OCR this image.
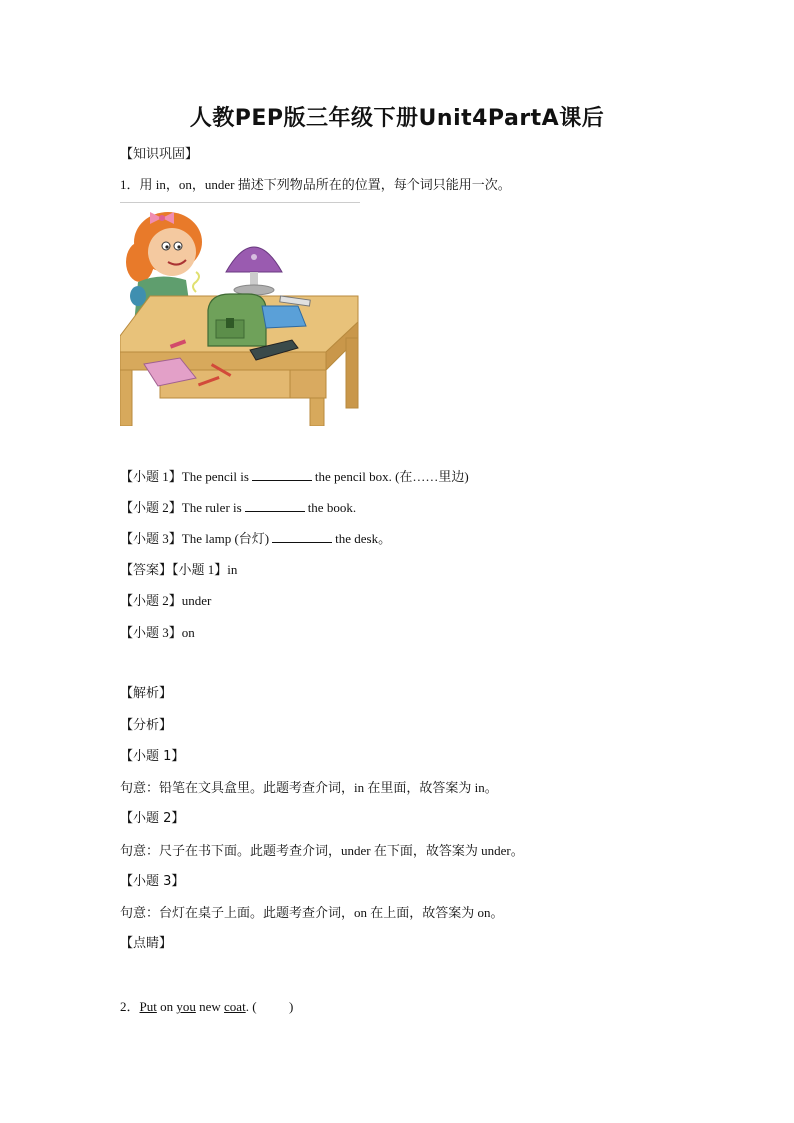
人教PEP版三年级下册Unit4PartA课后
【知识巩固】
1．用 in，on，under 描述下列物品所在的位置，每个词只能用一次。
【小题 1】The pencil is	the pencil box. (在……里边)
【小题 2】The ruler is	the book.
【小题 3】The lamp (台灯)	the desk。
【答案】【小题 1】in
【小题 2】under
【小题 3】on
【解析】
【分析】
【小题 1】
句意：铅笔在文具盒里。此题考查介词，in 在里面，故答案为 in。
【小题 2】
句意：尺子在书下面。此题考查介词，under 在下面，故答案为 under。
【小题 3】
句意：台灯在桌子上面。此题考查介词，on 在上面，故答案为 on。
【点睛】
2．Put on you new coat. (          )
